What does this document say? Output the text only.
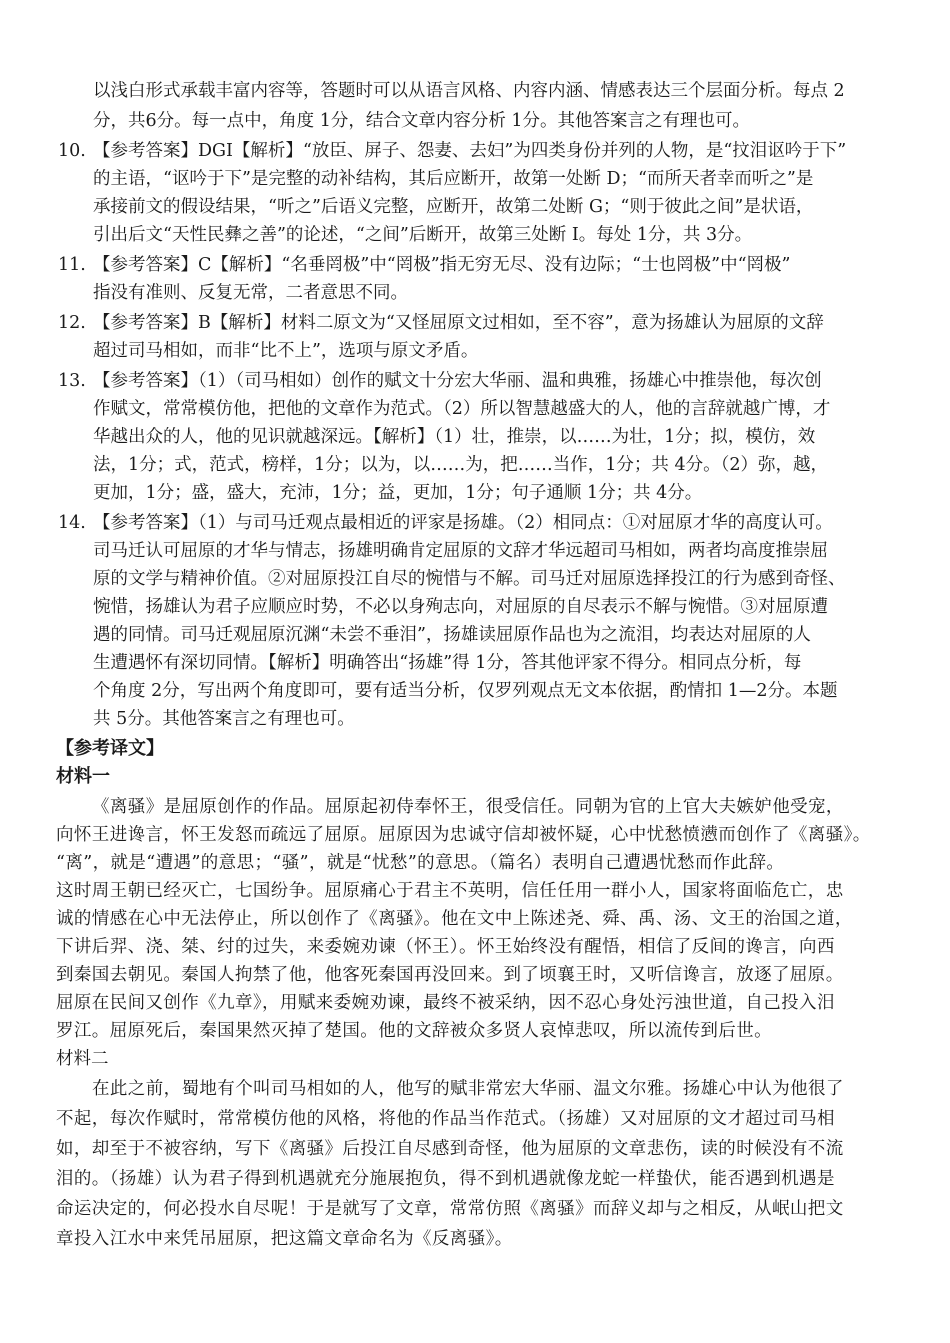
以浅白形式承载丰富内容等，答题时可以从语言风格、内容内涵、情感表达三个层面分析。每点 2
分，共6分。每一点中，角度 1分，结合文章内容分析 1分。其他答案言之有理也可。
10. 【参考答案】DGI【解析】“放臣、屏子、怨妻、去妇”为四类身份并列的人物，是“抆泪讴吟于下”
的主语，“讴吟于下”是完整的动补结构，其后应断开，故第一处断 D；“而所天者幸而听之”是
承接前文的假设结果，“听之”后语义完整，应断开，故第二处断 G；“则于彼此之间”是状语，
引出后文“天性民彝之善”的论述，“之间”后断开，故第三处断 I。每处 1分，共 3分。
11. 【参考答案】C【解析】“名垂罔极”中“罔极”指无穷无尽、没有边际；“士也罔极”中“罔极”
指没有准则、反复无常，二者意思不同。
12. 【参考答案】B【解析】材料二原文为“又怪屈原文过相如，至不容”，意为扬雄认为屈原的文辞
超过司马相如，而非“比不上”，选项与原文矛盾。
13. 【参考答案】（1）（司马相如）创作的赋文十分宏大华丽、温和典雅，扬雄心中推崇他，每次创
作赋文，常常模仿他，把他的文章作为范式。（2）所以智慧越盛大的人，他的言辞就越广博，才
华越出众的人，他的见识就越深远。【解析】（1）壮，推崇，以……为壮，1分；拟，模仿，效
法，1分；式，范式，榜样，1分；以为，以……为，把……当作，1分；共 4分。（2）弥，越，
更加，1分；盛，盛大，充沛，1分；益，更加，1分；句子通顺 1分；共 4分。
14. 【参考答案】（1）与司马迁观点最相近的评家是扬雄。（2）相同点：①对屈原才华的高度认可。
司马迁认可屈原的才华与情志，扬雄明确肯定屈原的文辞才华远超司马相如，两者均高度推崇屈
原的文学与精神价值。②对屈原投江自尽的惋惜与不解。司马迁对屈原选择投江的行为感到奇怪、
惋惜，扬雄认为君子应顺应时势，不必以身殉志向，对屈原的自尽表示不解与惋惜。③对屈原遭
遇的同情。司马迁观屈原沉渊“未尝不垂泪”，扬雄读屈原作品也为之流泪，均表达对屈原的人
生遭遇怀有深切同情。【解析】明确答出“扬雄”得 1分，答其他评家不得分。相同点分析，每
个角度 2分，写出两个角度即可，要有适当分析，仅罗列观点无文本依据，酌情扣 1—2分。本题
共 5分。其他答案言之有理也可。
【参考译文】
材料一
《离骚》是屈原创作的作品。屈原起初侍奉怀王，很受信任。同朝为官的上官大夫嫉妒他受宠，
向怀王进谗言，怀王发怒而疏远了屈原。屈原因为忠诚守信却被怀疑，心中忧愁愤懑而创作了《离骚》。
“离”，就是“遭遇”的意思；“骚”，就是“忧愁”的意思。（篇名）表明自己遭遇忧愁而作此辞。
这时周王朝已经灭亡，七国纷争。屈原痛心于君主不英明，信任任用一群小人，国家将面临危亡，忠
诚的情感在心中无法停止，所以创作了《离骚》。他在文中上陈述尧、舜、禹、汤、文王的治国之道，
下讲后羿、浇、桀、纣的过失，来委婉劝谏（怀王）。怀王始终没有醒悟，相信了反间的谗言，向西
到秦国去朝见。秦国人拘禁了他，他客死秦国再没回来。到了顷襄王时，又听信谗言，放逐了屈原。
屈原在民间又创作《九章》，用赋来委婉劝谏，最终不被采纳，因不忍心身处污浊世道，自己投入汨
罗江。屈原死后，秦国果然灭掉了楚国。他的文辞被众多贤人哀悼悲叹，所以流传到后世。
材料二
在此之前，蜀地有个叫司马相如的人，他写的赋非常宏大华丽、温文尔雅。扬雄心中认为他很了
不起，每次作赋时，常常模仿他的风格，将他的作品当作范式。（扬雄）又对屈原的文才超过司马相
如，却至于不被容纳，写下《离骚》后投江自尽感到奇怪，他为屈原的文章悲伤，读的时候没有不流
泪的。（扬雄）认为君子得到机遇就充分施展抱负，得不到机遇就像龙蛇一样蛰伏，能否遇到机遇是
命运决定的，何必投水自尽呢！于是就写了文章，常常仿照《离骚》而辞义却与之相反，从岷山把文
章投入江水中来凭吊屈原，把这篇文章命名为《反离骚》。
